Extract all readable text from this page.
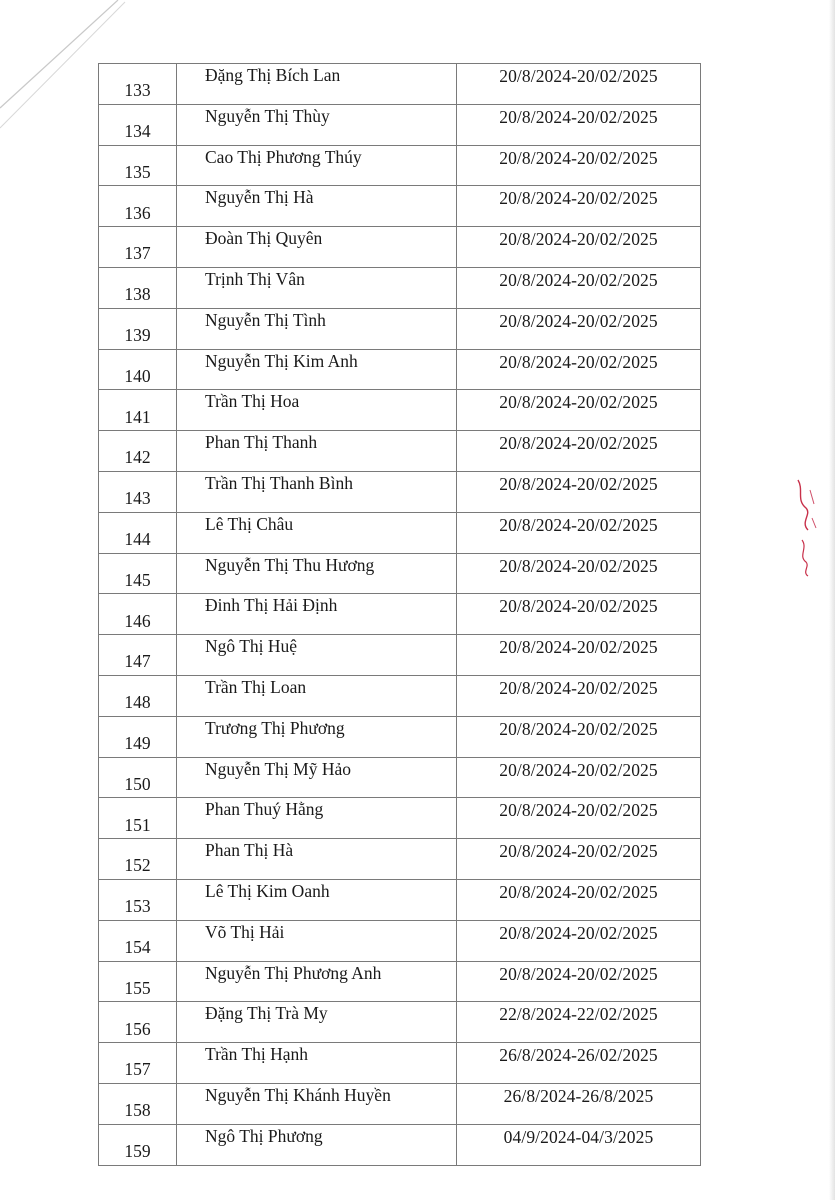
133	Đặng Thị Bích Lan	20/8/2024-20/02/2025
134	Nguyễn Thị Thùy	20/8/2024-20/02/2025
135	Cao Thị Phương Thúy	20/8/2024-20/02/2025
136	Nguyễn Thị Hà	20/8/2024-20/02/2025
137	Đoàn Thị Quyên	20/8/2024-20/02/2025
138	Trịnh Thị Vân	20/8/2024-20/02/2025
139	Nguyễn Thị Tình	20/8/2024-20/02/2025
140	Nguyễn Thị Kim Anh	20/8/2024-20/02/2025
141	Trần Thị Hoa	20/8/2024-20/02/2025
142	Phan Thị Thanh	20/8/2024-20/02/2025
143	Trần Thị Thanh Bình	20/8/2024-20/02/2025
144	Lê Thị Châu	20/8/2024-20/02/2025
145	Nguyễn Thị Thu Hương	20/8/2024-20/02/2025
146	Đinh Thị Hải Định	20/8/2024-20/02/2025
147	Ngô Thị Huệ	20/8/2024-20/02/2025
148	Trần Thị Loan	20/8/2024-20/02/2025
149	Trương Thị Phương	20/8/2024-20/02/2025
150	Nguyễn Thị Mỹ Hảo	20/8/2024-20/02/2025
151	Phan Thuý Hằng	20/8/2024-20/02/2025
152	Phan Thị Hà	20/8/2024-20/02/2025
153	Lê Thị Kim Oanh	20/8/2024-20/02/2025
154	Võ Thị Hải	20/8/2024-20/02/2025
155	Nguyễn Thị Phương Anh	20/8/2024-20/02/2025
156	Đặng Thị Trà My	22/8/2024-22/02/2025
157	Trần Thị Hạnh	26/8/2024-26/02/2025
158	Nguyễn Thị Khánh Huyền	26/8/2024-26/8/2025
159	Ngô Thị Phương	04/9/2024-04/3/2025
